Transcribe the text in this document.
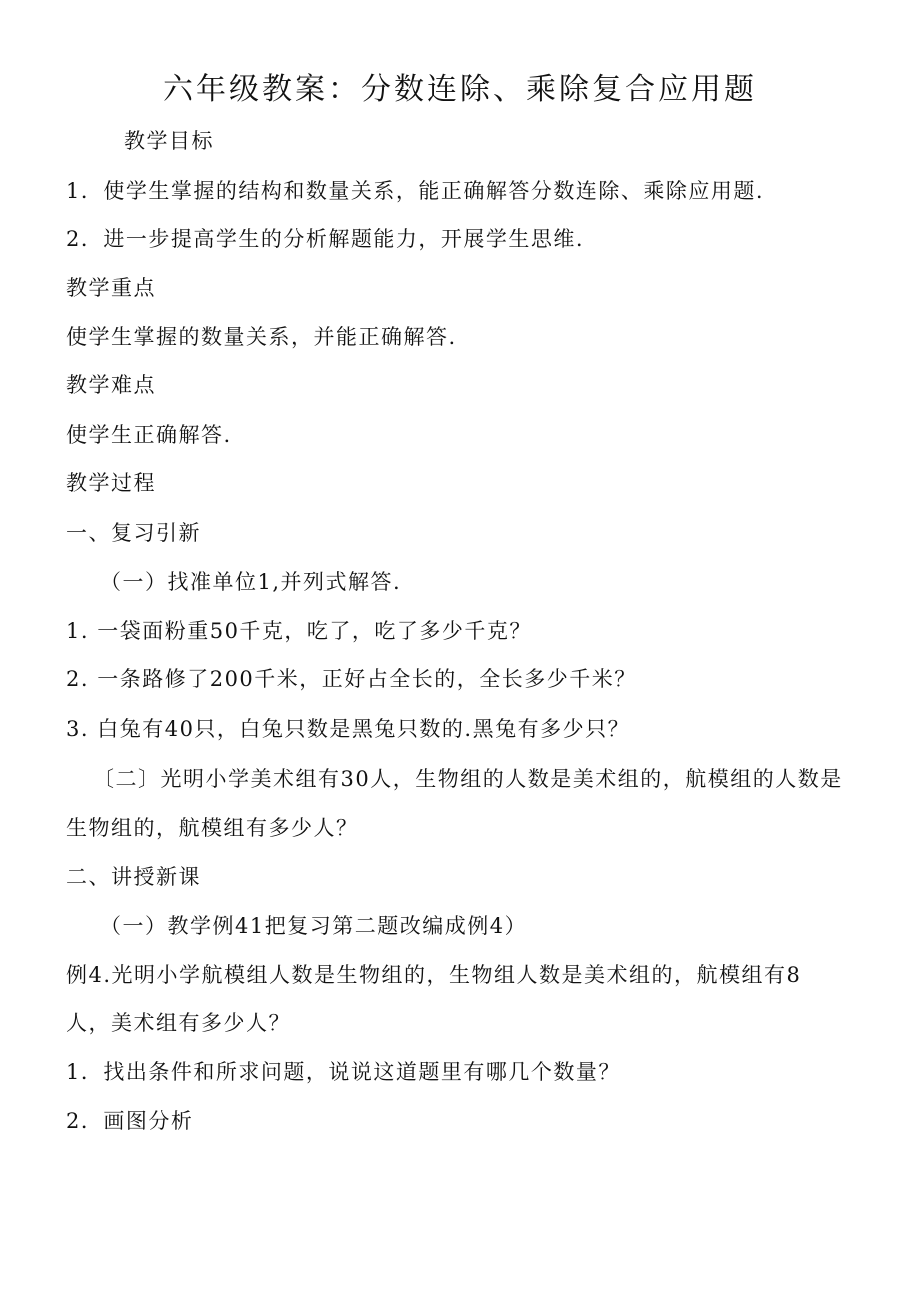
六年级教案：分数连除、乘除复合应用题
教学目标
1．使学生掌握的结构和数量关系，能正确解答分数连除、乘除应用题.
2．进一步提高学生的分析解题能力，开展学生思维.
教学重点
使学生掌握的数量关系，并能正确解答.
教学难点
使学生正确解答.
教学过程
一、复习引新
（一）找准单位1,并列式解答.
1. 一袋面粉重50千克，吃了，吃了多少千克？
2. 一条路修了200千米，正好占全长的，全长多少千米？
3. 白兔有40只，白兔只数是黑兔只数的.黑兔有多少只？
〔二〕光明小学美术组有30人，生物组的人数是美术组的，航模组的人数是
生物组的，航模组有多少人？
二、讲授新课
（一）教学例41把复习第二题改编成例4）
例4.光明小学航模组人数是生物组的，生物组人数是美术组的，航模组有8
人，美术组有多少人？
1．找出条件和所求问题，说说这道题里有哪几个数量？
2．画图分析
